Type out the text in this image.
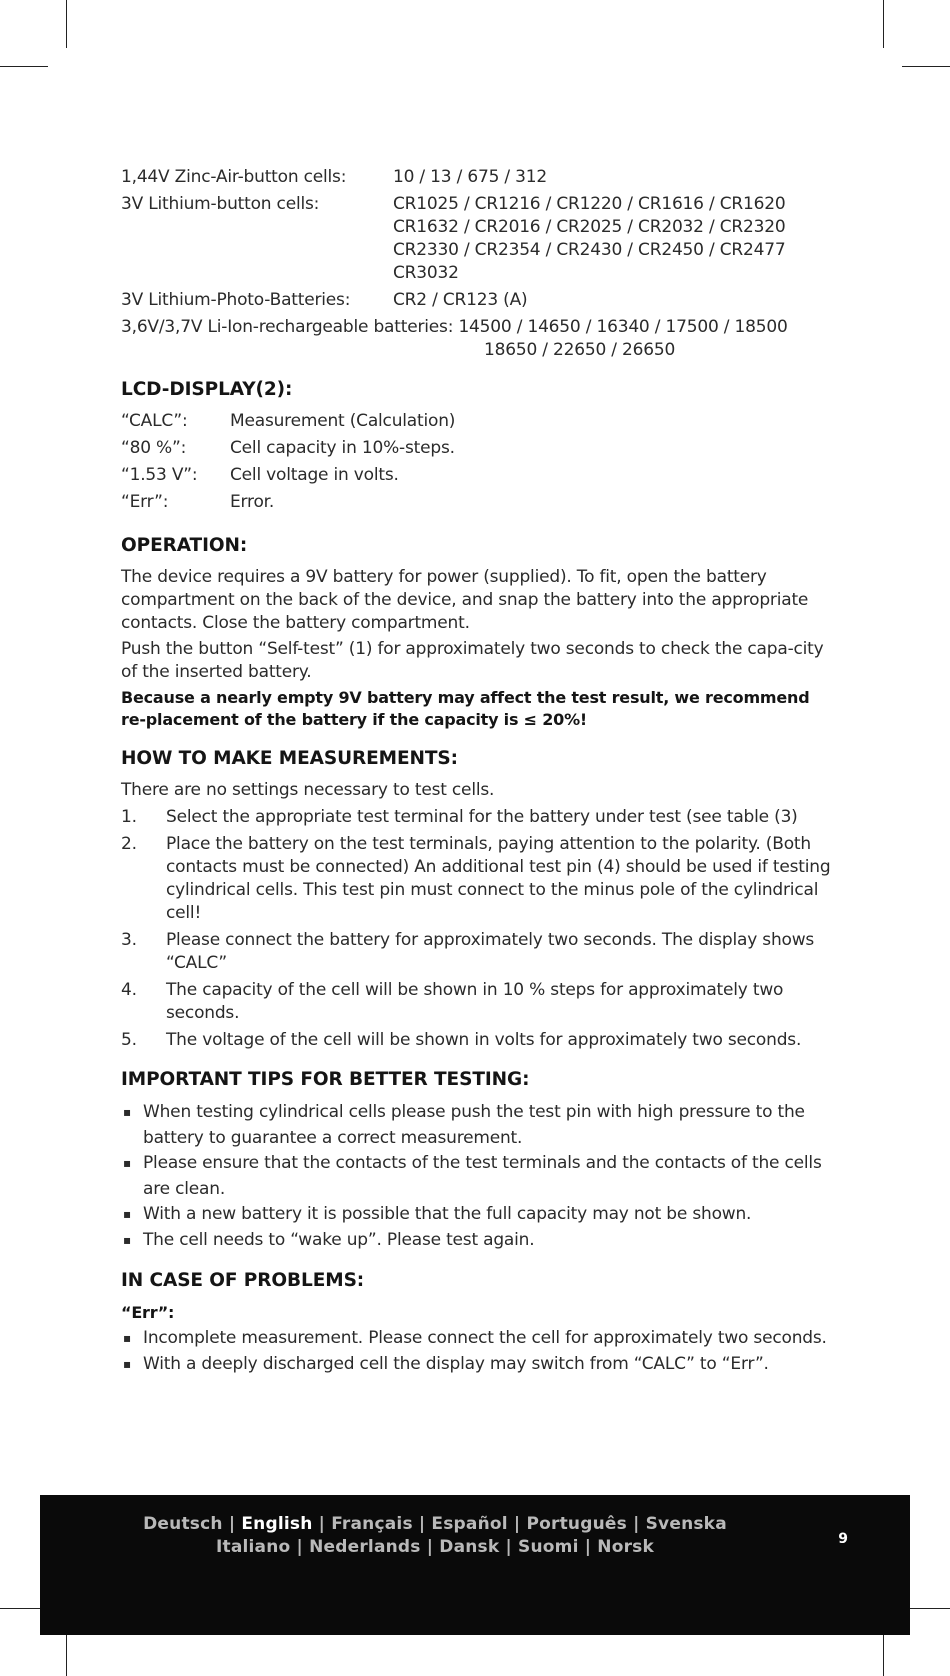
1,44V Zinc-Air-button cells:	10 / 13 / 675 / 312
3V Lithium-button cells:	CR1025 / CR1216 / CR1220 / CR1616 / CR1620
CR1632 / CR2016 / CR2025 / CR2032 / CR2320
CR2330 / CR2354 / CR2430 / CR2450 / CR2477
CR3032
3V Lithium-Photo-Batteries:	CR2 / CR123 (A)
3,6V/3,7V Li-Ion-rechargeable batteries: 14500 / 14650 / 16340 / 17500 / 18500
18650 / 22650 / 26650
LCD-DISPLAY(2):
“CALC”:	Measurement (Calculation)
“80 %”:	Cell capacity in 10%-steps.
“1.53 V”:	Cell voltage in volts.
“Err”:	Error.
OPERATION:

The device requires a 9V battery for power (supplied). To fit, open the battery compartment on the back of the device, and snap the battery into the appropriate contacts. Close the battery compartment.

Push the button “Self-test” (1) for approximately two seconds to check the capa-city of the inserted battery.

Because a nearly empty 9V battery may affect the test result, we recommend re-placement of the battery if the capacity is ≤ 20%!

HOW TO MAKE MEASUREMENTS:

There are no settings necessary to test cells.

1.	Select the appropriate test terminal for the battery under test (see table (3)
2.	Place the battery on the test terminals, paying attention to the polarity. (Both contacts must be connected) An additional test pin (4) should be used if testing cylindrical cells. This test pin must connect to the minus pole of the cylindrical cell!
3.	Please connect the battery for approximately two seconds. The display shows “CALC”
4.	The capacity of the cell will be shown in 10 % steps for approximately two seconds.
5.	The voltage of the cell will be shown in volts for approximately two seconds.
IMPORTANT TIPS FOR BETTER TESTING:
▪ When testing cylindrical cells please push the test pin with high pressure to the battery to guarantee a correct measurement.
▪ Please ensure that the contacts of the test terminals and the contacts of the cells are clean.
▪ With a new battery it is possible that the full capacity may not be shown.
▪ The cell needs to “wake up”. Please test again.
IN CASE OF PROBLEMS:
“Err”:
▪ Incomplete measurement. Please connect the cell for approximately two seconds.
▪ With a deeply discharged cell the display may switch from “CALC” to “Err”.
Deutsch | English | Français | Español | Português | Svenska
Italiano | Nederlands | Dansk | Suomi | Norsk	9
